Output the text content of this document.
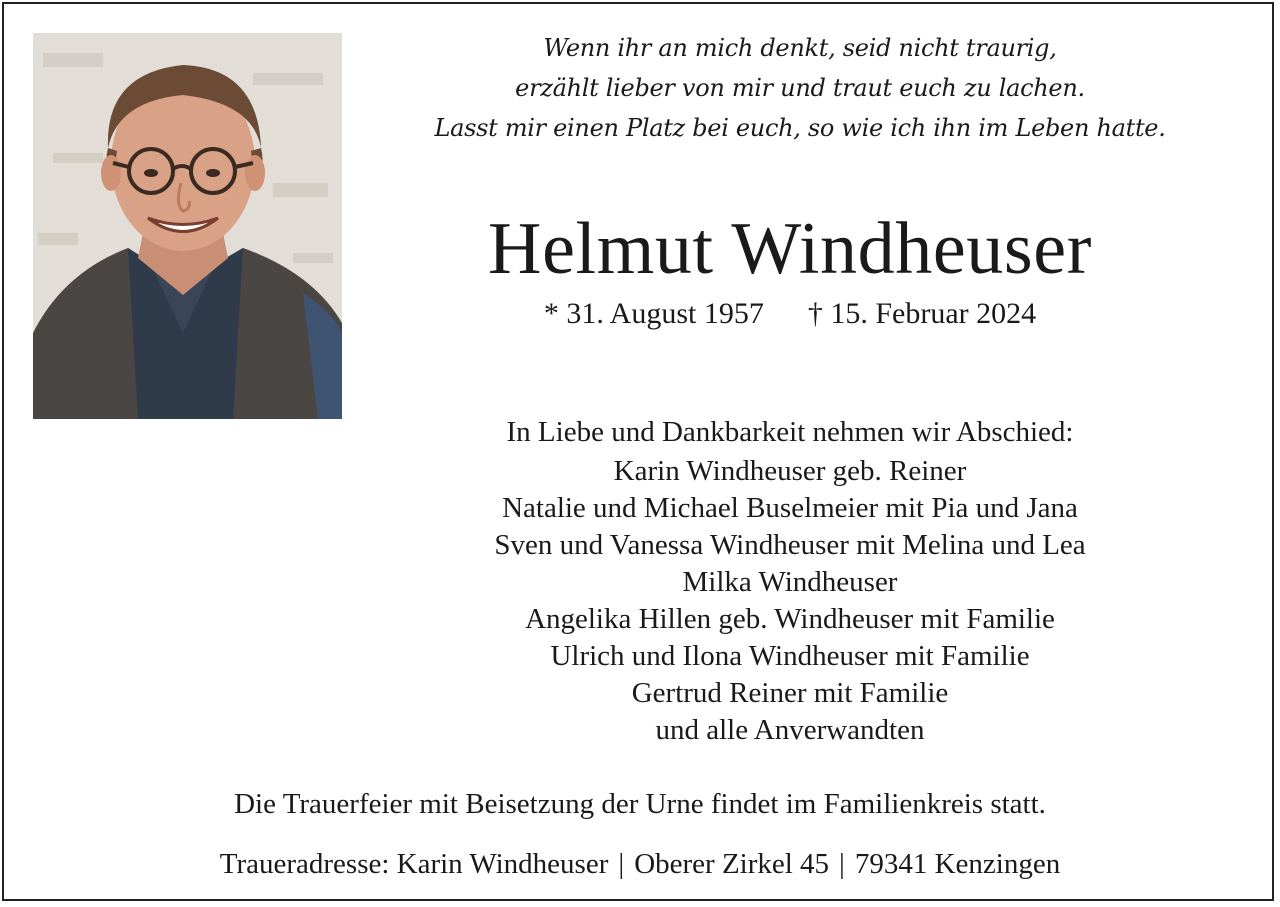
Wenn ihr an mich denkt, seid nicht traurig,
erzählt lieber von mir und traut euch zu lachen.
Lasst mir einen Platz bei euch, so wie ich ihn im Leben hatte.
Helmut Windheuser
* 31. August 1957 † 15. Februar 2024
In Liebe und Dankbarkeit nehmen wir Abschied:
Karin Windheuser geb. Reiner
Natalie und Michael Buselmeier mit Pia und Jana
Sven und Vanessa Windheuser mit Melina und Lea
Milka Windheuser
Angelika Hillen geb. Windheuser mit Familie
Ulrich und Ilona Windheuser mit Familie
Gertrud Reiner mit Familie
und alle Anverwandten
Die Trauerfeier mit Beisetzung der Urne findet im Familienkreis statt.
Traueradresse: Karin Windheuser | Oberer Zirkel 45 | 79341 Kenzingen
